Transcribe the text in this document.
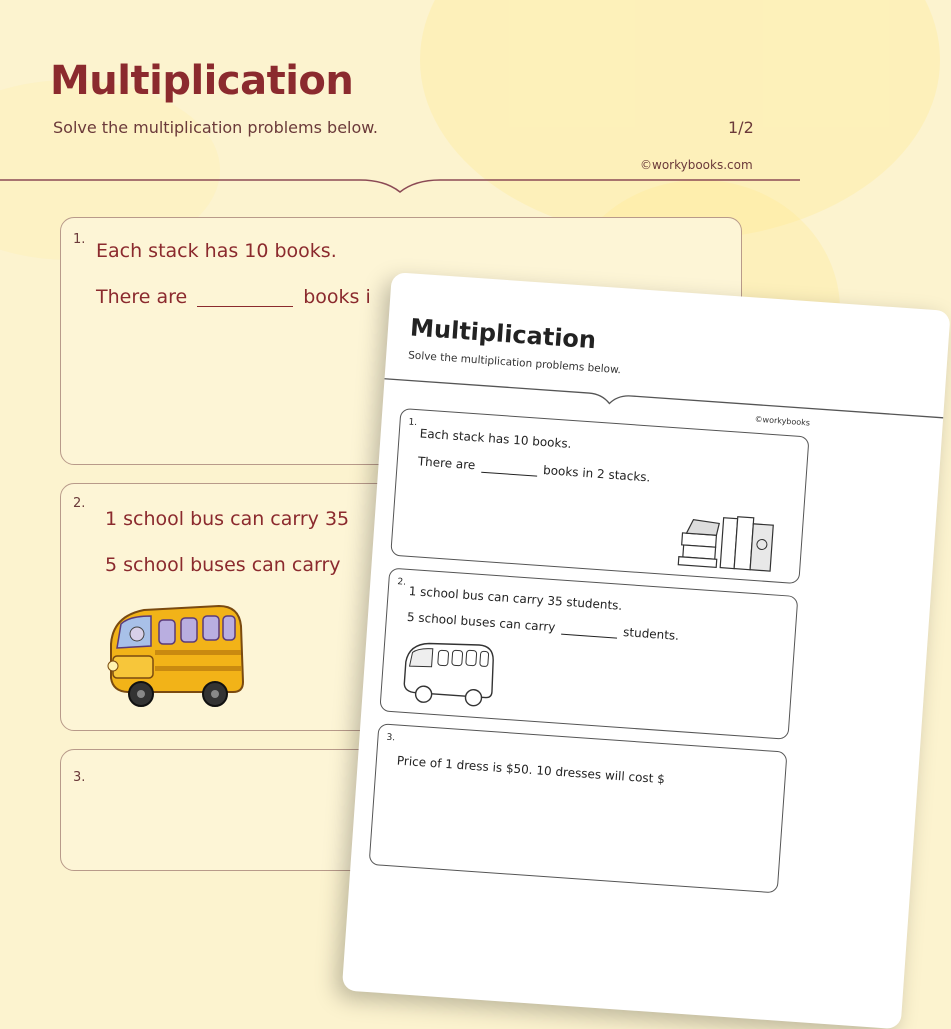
Multiplication
Solve the multiplication problems below.	1/2
©workybooks.com
1.
Each stack has 10 books.
There are	books i
2.
1 school bus can carry 35
5 school buses can carry
3.
Multiplication
Solve the multiplication problems below.
©workybooks
1.
Each stack has 10 books.
There are	books in 2 stacks.
2.
1 school bus can carry 35 students.
5 school buses can carry	students.
3.
Price of 1 dress is $50. 10 dresses will cost $
